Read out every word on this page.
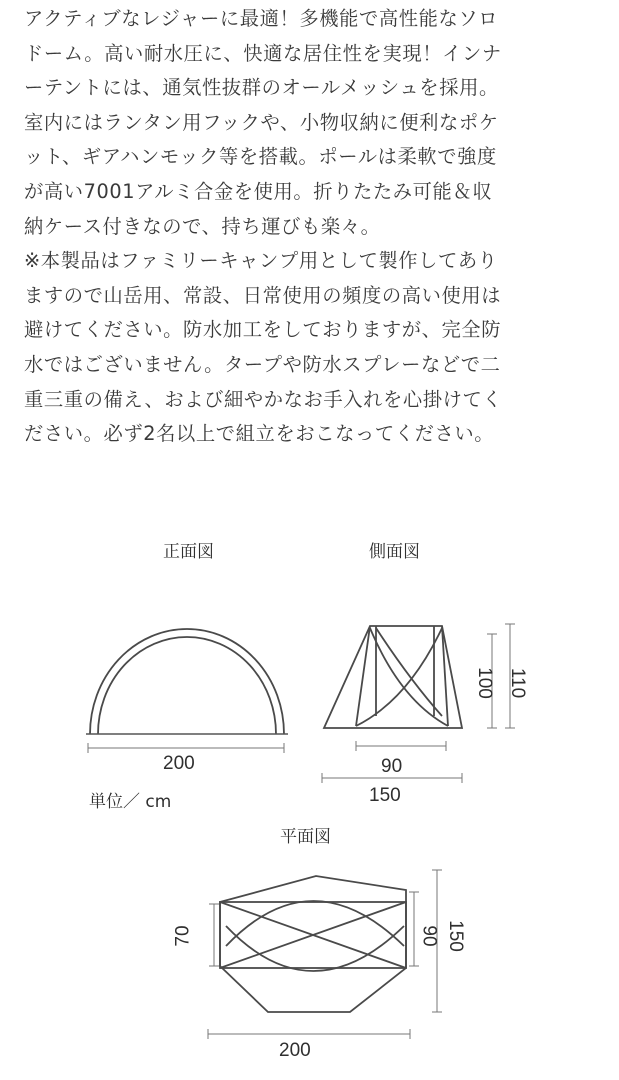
アクティブなレジャーに最適！多機能で高性能なソロ

ドーム。高い耐水圧に、快適な居住性を実現！インナ

ーテントには、通気性抜群のオールメッシュを採用。

室内にはランタン用フックや、小物収納に便利なポケ

ット、ギアハンモック等を搭載。ポールは柔軟で強度

が高い7001アルミ合金を使用。折りたたみ可能＆収

納ケース付きなので、持ち運びも楽々。

※本製品はファミリーキャンプ用として製作してあり

ますので山岳用、常設、日常使用の頻度の高い使用は

避けてください。防水加工をしておりますが、完全防

水ではございません。タープや防水スプレーなどで二

重三重の備え、および細やかなお手入れを心掛けてく

ださい。必ず2名以上で組立をおこなってください。

正面図	側面図
単位／ cm
平面図
200	90
150
100 110
70	90 150
200
